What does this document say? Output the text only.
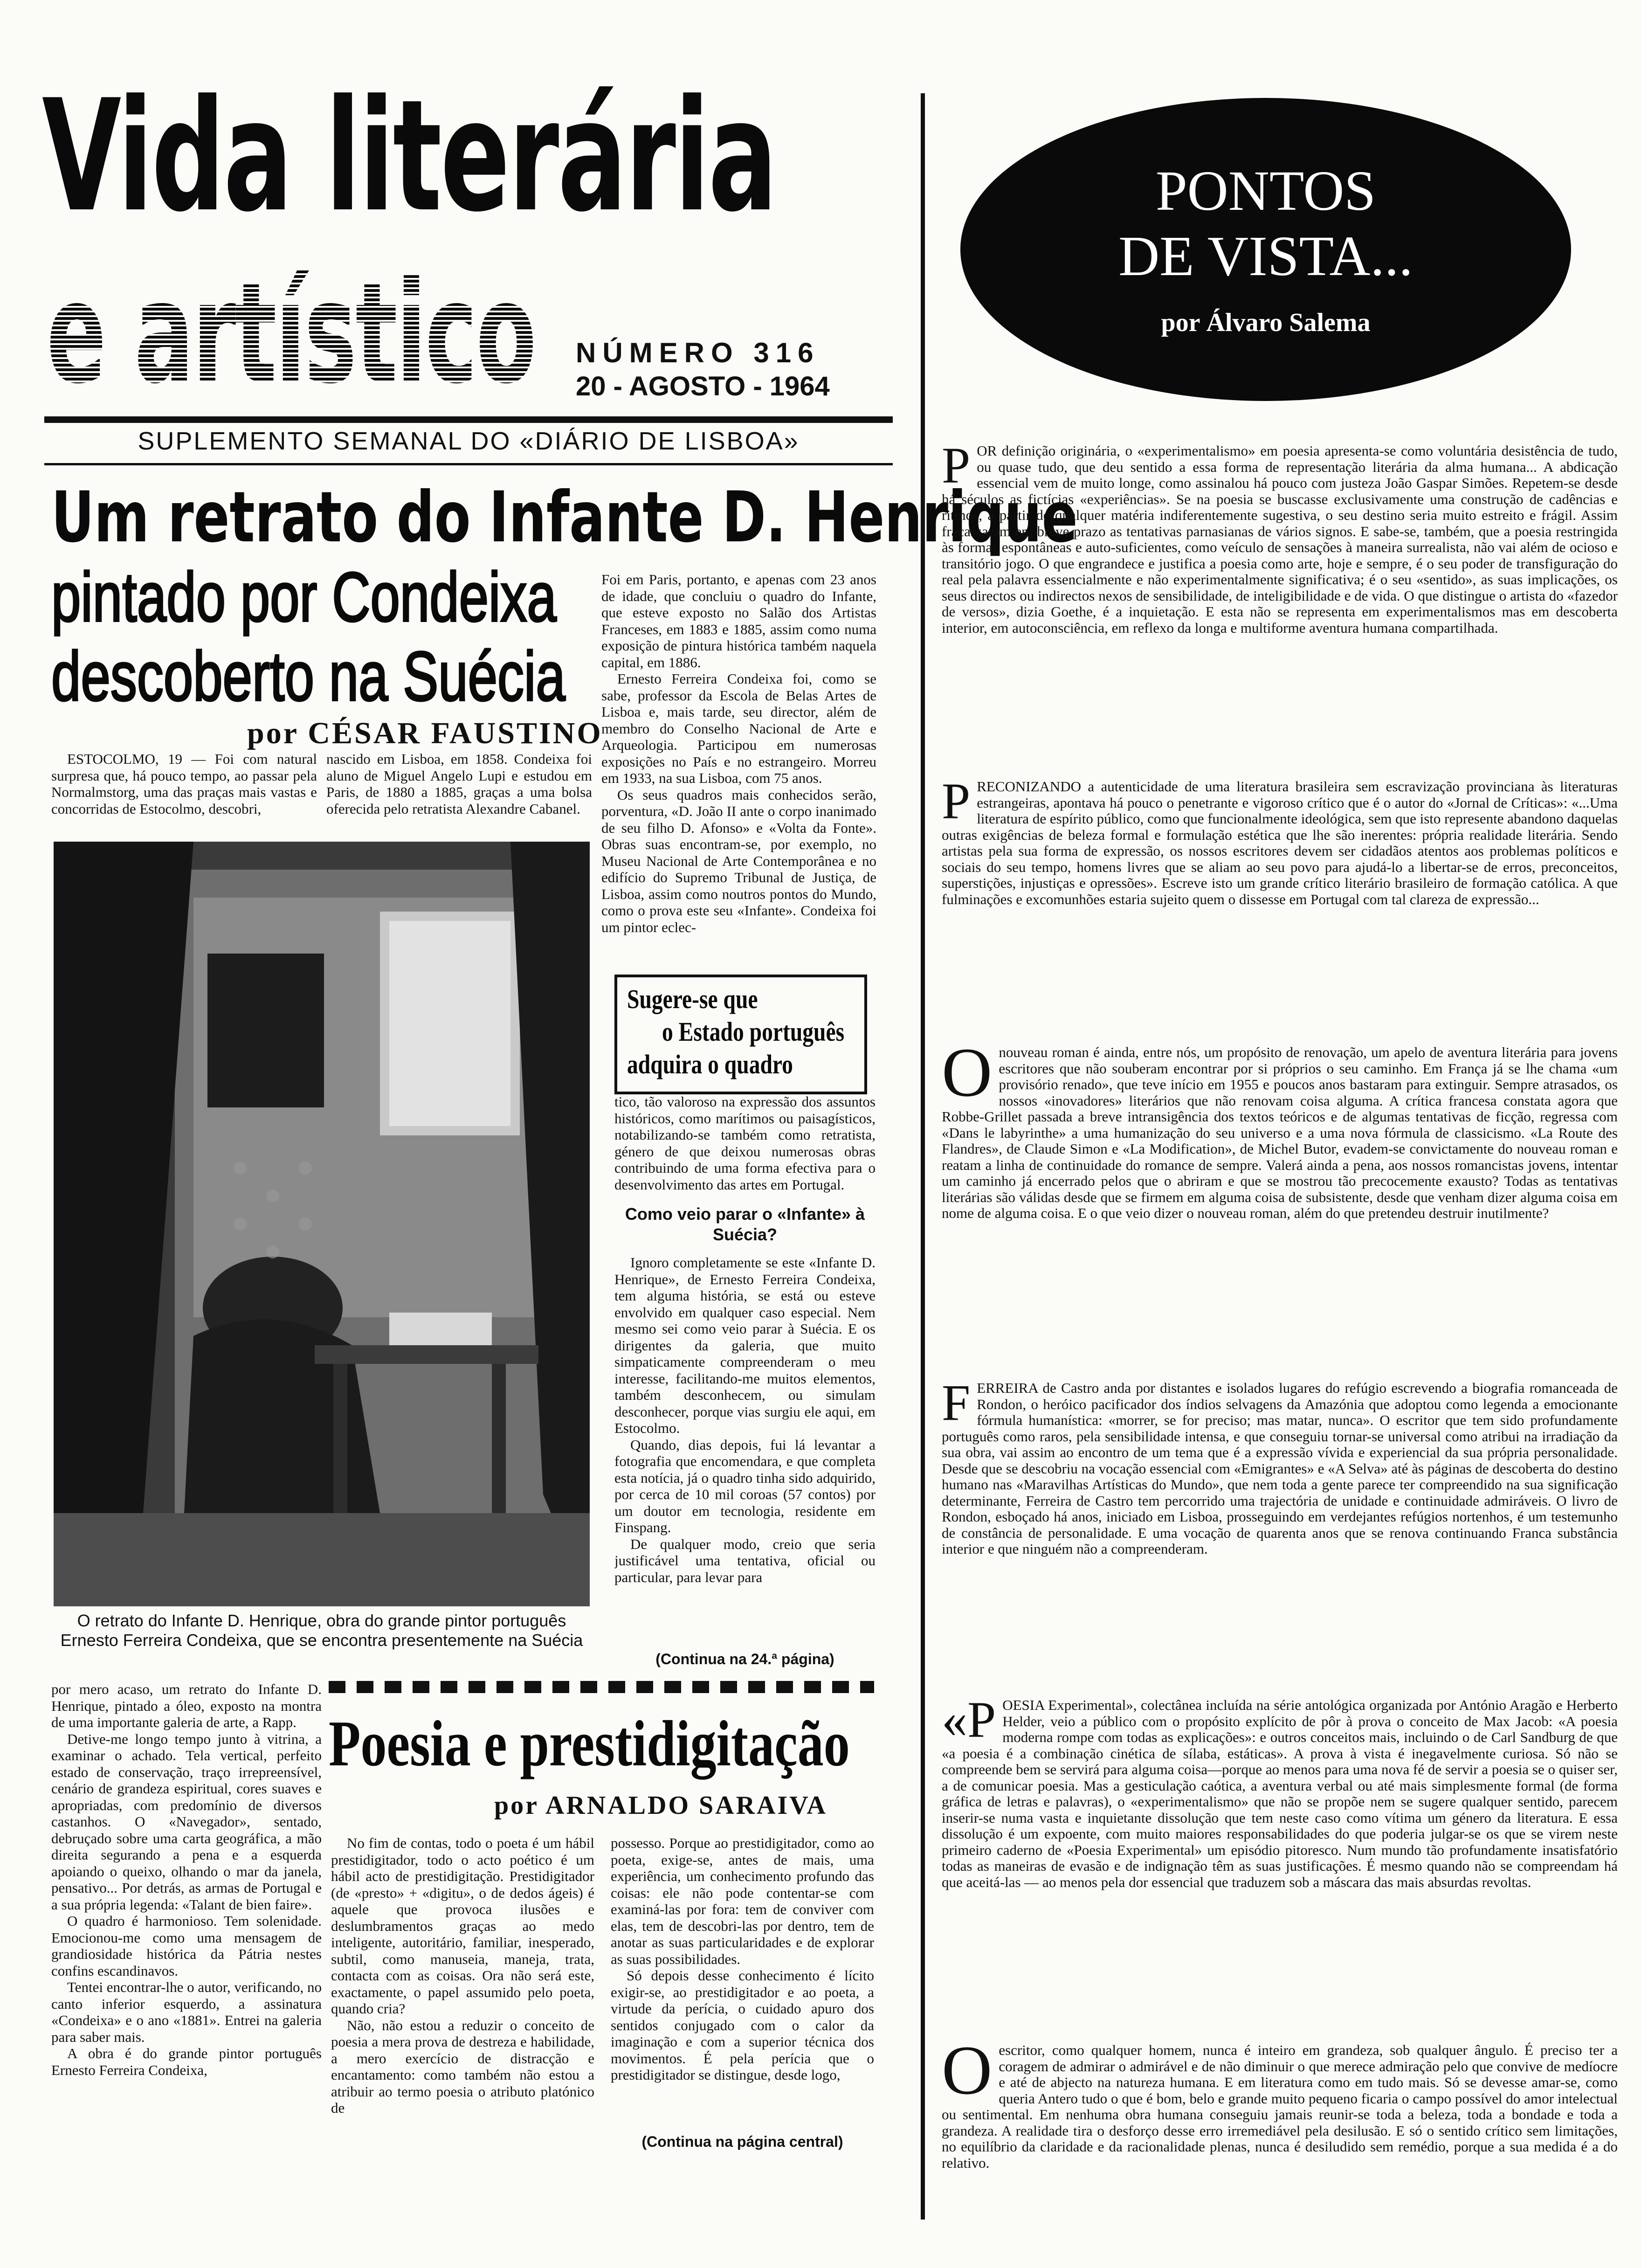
Vida literária
e artístico NÚMERO 316
20 - AGOSTO - 1964
SUPLEMENTO SEMANAL DO «DIÁRIO DE LISBOA»
PONTOS
DE VISTA...
por Álvaro Salema
Um retrato do Infante D. Henrique
pintado por Condeixa
descoberto na Suécia
por CÉSAR FAUSTINO

ESTOCOLMO, 19 — Foi com natural surpresa que, há pouco tempo, ao passar pela Normalmstorg, uma das praças mais vastas e concorridas de Estocolmo, descobri,

nascido em Lisboa, em 1858. Condeixa foi aluno de Miguel Angelo Lupi e estudou em Paris, de 1880 a 1885, graças a uma bolsa oferecida pelo retratista Alexandre Cabanel.

Foi em Paris, portanto, e apenas com 23 anos de idade, que concluiu o quadro do Infante, que esteve exposto no Salão dos Artistas Franceses, em 1883 e 1885, assim como numa exposição de pintura histórica também naquela capital, em 1886.

Ernesto Ferreira Condeixa foi, como se sabe, professor da Escola de Belas Artes de Lisboa e, mais tarde, seu director, além de membro do Conselho Nacional de Arte e Arqueologia. Participou em numerosas exposições no País e no estrangeiro. Morreu em 1933, na sua Lisboa, com 75 anos.

Os seus quadros mais conhecidos serão, porventura, «D. João II ante o corpo inanimado de seu filho D. Afonso» e «Volta da Fonte». Obras suas encontram-se, por exemplo, no Museu Nacional de Arte Contemporânea e no edifício do Supremo Tribunal de Justiça, de Lisboa, assim como noutros pontos do Mundo, como o prova este seu «Infante». Condeixa foi um pintor eclec-

Sugere-se que
o Estado português
adquira o quadro

tico, tão valoroso na expressão dos assuntos históricos, como marítimos ou paisagísticos, notabilizando-se também como retratista, género de que deixou numerosas obras contribuindo de uma forma efectiva para o desenvolvimento das artes em Portugal.

Como veio parar o «Infante» à Suécia?

Ignoro completamente se este «Infante D. Henrique», de Ernesto Ferreira Condeixa, tem alguma história, se está ou esteve envolvido em qualquer caso especial. Nem mesmo sei como veio parar à Suécia. E os dirigentes da galeria, que muito simpaticamente compreenderam o meu interesse, facilitando-me muitos elementos, também desconhecem, ou simulam desconhecer, porque vias surgiu ele aqui, em Estocolmo.

Quando, dias depois, fui lá levantar a fotografia que encomendara, e que completa esta notícia, já o quadro tinha sido adquirido, por cerca de 10 mil coroas (57 contos) por um doutor em tecnologia, residente em Finspang.

De qualquer modo, creio que seria justificável uma tentativa, oficial ou particular, para levar para

(Continua na 24.ª página)
O retrato do Infante D. Henrique, obra do grande pintor português Ernesto Ferreira Condeixa, que se encontra presentemente na Suécia

por mero acaso, um retrato do Infante D. Henrique, pintado a óleo, exposto na montra de uma importante galeria de arte, a Rapp.

Detive-me longo tempo junto à vitrina, a examinar o achado. Tela vertical, perfeito estado de conservação, traço irrepreensível, cenário de grandeza espiritual, cores suaves e apropriadas, com predomínio de diversos castanhos. O «Navegador», sentado, debruçado sobre uma carta geográfica, a mão direita segurando a pena e a esquerda apoiando o queixo, olhando o mar da janela, pensativo... Por detrás, as armas de Portugal e a sua própria legenda: «Talant de bien faire».

O quadro é harmonioso. Tem solenidade. Emocionou-me como uma mensagem de grandiosidade histórica da Pátria nestes confins escandinavos.

Tentei encontrar-lhe o autor, verificando, no canto inferior esquerdo, a assinatura «Condeixa» e o ano «1881». Entrei na galeria para saber mais.

A obra é do grande pintor português Ernesto Ferreira Condeixa,

Poesia e prestidigitação
por ARNALDO SARAIVA

No fim de contas, todo o poeta é um hábil prestidigitador, todo o acto poético é um hábil acto de prestidigitação. Prestidigitador (de «presto» + «digitu», o de dedos ágeis) é aquele que provoca ilusões e deslumbramentos graças ao medo inteligente, autoritário, familiar, inesperado, subtil, como manuseia, maneja, trata, contacta com as coisas. Ora não será este, exactamente, o papel assumido pelo poeta, quando cria?

Não, não estou a reduzir o conceito de poesia a mera prova de destreza e habilidade, a mero exercício de distracção e encantamento: como também não estou a atribuir ao termo poesia o atributo platónico de

possesso. Porque ao prestidigitador, como ao poeta, exige-se, antes de mais, uma experiência, um conhecimento profundo das coisas: ele não pode contentar-se com examiná-las por fora: tem de conviver com elas, tem de descobri-las por dentro, tem de anotar as suas particularidades e de explorar as suas possibilidades.

Só depois desse conhecimento é lícito exigir-se, ao prestidigitador e ao poeta, a virtude da perícia, o cuidado apuro dos sentidos conjugado com o calor da imaginação e com a superior técnica dos movimentos. É pela perícia que o prestidigitador se distingue, desde logo,

(Continua na página central)
P OR definição originária, o «experimentalismo» em poesia apresenta-se como voluntária desistência de tudo, ou quase tudo, que deu sentido a essa forma de representação literária da alma humana... A abdicação essencial vem de muito longe, como assinalou há pouco com justeza João Gaspar Simões. Repetem-se desde há séculos as fictícias «experiências». Se na poesia se buscasse exclusivamente uma construção de cadências e ritmos, a partir de qualquer matéria indiferentemente sugestiva, o seu destino seria muito estreito e frágil. Assim fracassaram em breve prazo as tentativas parnasianas de vários signos. E sabe-se, também, que a poesia restringida às formas espontâneas e auto-suficientes, como veículo de sensações à maneira surrealista, não vai além de ocioso e transitório jogo. O que engrandece e justifica a poesia como arte, hoje e sempre, é o seu poder de transfiguração do real pela palavra essencialmente e não experimentalmente significativa; é o seu «sentido», as suas implicações, os seus directos ou indirectos nexos de sensibilidade, de inteligibilidade e de vida. O que distingue o artista do «fazedor de versos», dizia Goethe, é a inquietação. E esta não se representa em experimentalismos mas em descoberta interior, em autoconsciência, em reflexo da longa e multiforme aventura humana compartilhada.

P RECONIZANDO a autenticidade de uma literatura brasileira sem escravização provinciana às literaturas estrangeiras, apontava há pouco o penetrante e vigoroso crítico que é o autor do «Jornal de Críticas»: «...Uma literatura de espírito público, como que funcionalmente ideológica, sem que isto represente abandono daquelas outras exigências de beleza formal e formulação estética que lhe são inerentes: própria realidade literária. Sendo artistas pela sua forma de expressão, os nossos escritores devem ser cidadãos atentos aos problemas políticos e sociais do seu tempo, homens livres que se aliam ao seu povo para ajudá-lo a libertar-se de erros, preconceitos, superstições, injustiças e opressões». Escreve isto um grande crítico literário brasileiro de formação católica. A que fulminações e excomunhões estaria sujeito quem o dissesse em Portugal com tal clareza de expressão...

O nouveau roman é ainda, entre nós, um propósito de renovação, um apelo de aventura literária para jovens escritores que não souberam encontrar por si próprios o seu caminho. Em França já se lhe chama «um provisório renado», que teve início em 1955 e poucos anos bastaram para extinguir. Sempre atrasados, os nossos «inovadores» literários que não renovam coisa alguma. A crítica francesa constata agora que Robbe-Grillet passada a breve intransigência dos textos teóricos e de algumas tentativas de ficção, regressa com «Dans le labyrinthe» a uma humanização do seu universo e a uma nova fórmula de classicismo. «La Route des Flandres», de Claude Simon e «La Modification», de Michel Butor, evadem-se convictamente do nouveau roman e reatam a linha de continuidade do romance de sempre. Valerá ainda a pena, aos nossos romancistas jovens, intentar um caminho já encerrado pelos que o abriram e que se mostrou tão precocemente exausto? Todas as tentativas literárias são válidas desde que se firmem em alguma coisa de subsistente, desde que venham dizer alguma coisa em nome de alguma coisa. E o que veio dizer o nouveau roman, além do que pretendeu destruir inutilmente?

F ERREIRA de Castro anda por distantes e isolados lugares do refúgio escrevendo a biografia romanceada de Rondon, o heróico pacificador dos índios selvagens da Amazónia que adoptou como legenda a emocionante fórmula humanística: «morrer, se for preciso; mas matar, nunca». O escritor que tem sido profundamente português como raros, pela sensibilidade intensa, e que conseguiu tornar-se universal como atribui na irradiação da sua obra, vai assim ao encontro de um tema que é a expressão vívida e experiencial da sua própria personalidade. Desde que se descobriu na vocação essencial com «Emigrantes» e «A Selva» até às páginas de descoberta do destino humano nas «Maravilhas Artísticas do Mundo», que nem toda a gente parece ter compreendido na sua significação determinante, Ferreira de Castro tem percorrido uma trajectória de unidade e continuidade admiráveis. O livro de Rondon, esboçado há anos, iniciado em Lisboa, prosseguindo em verdejantes refúgios nortenhos, é um testemunho de constância de personalidade. E uma vocação de quarenta anos que se renova continuando Franca substância interior e que ninguém não a compreenderam.

«P OESIA Experimental», colectânea incluída na série antológica organizada por António Aragão e Herberto Helder, veio a público com o propósito explícito de pôr à prova o conceito de Max Jacob: «A poesia moderna rompe com todas as explicações»: e outros conceitos mais, incluindo o de Carl Sandburg de que «a poesia é a combinação cinética de sílaba, estáticas». A prova à vista é inegavelmente curiosa. Só não se compreende bem se servirá para alguma coisa—porque ao menos para uma nova fé de servir a poesia se o quiser ser, a de comunicar poesia. Mas a gesticulação caótica, a aventura verbal ou até mais simplesmente formal (de forma gráfica de letras e palavras), o «experimentalismo» que não se propõe nem se sugere qualquer sentido, parecem inserir-se numa vasta e inquietante dissolução que tem neste caso como vítima um género da literatura. E essa dissolução é um expoente, com muito maiores responsabilidades do que poderia julgar-se os que se virem neste primeiro caderno de «Poesia Experimental» um episódio pitoresco. Num mundo tão profundamente insatisfatório todas as maneiras de evasão e de indignação têm as suas justificações. É mesmo quando não se compreendam há que aceitá-las — ao menos pela dor essencial que traduzem sob a máscara das mais absurdas revoltas.

O escritor, como qualquer homem, nunca é inteiro em grandeza, sob qualquer ângulo. É preciso ter a coragem de admirar o admirável e de não diminuir o que merece admiração pelo que convive de medíocre e até de abjecto na natureza humana. E em literatura como em tudo mais. Só se devesse amar-se, como queria Antero tudo o que é bom, belo e grande muito pequeno ficaria o campo possível do amor intelectual ou sentimental. Em nenhuma obra humana conseguiu jamais reunir-se toda a beleza, toda a bondade e toda a grandeza. A realidade tira o desforço desse erro irremediável pela desilusão. E só o sentido crítico sem limitações, no equilíbrio da claridade e da racionalidade plenas, nunca é desiludido sem remédio, porque a sua medida é a do relativo.
